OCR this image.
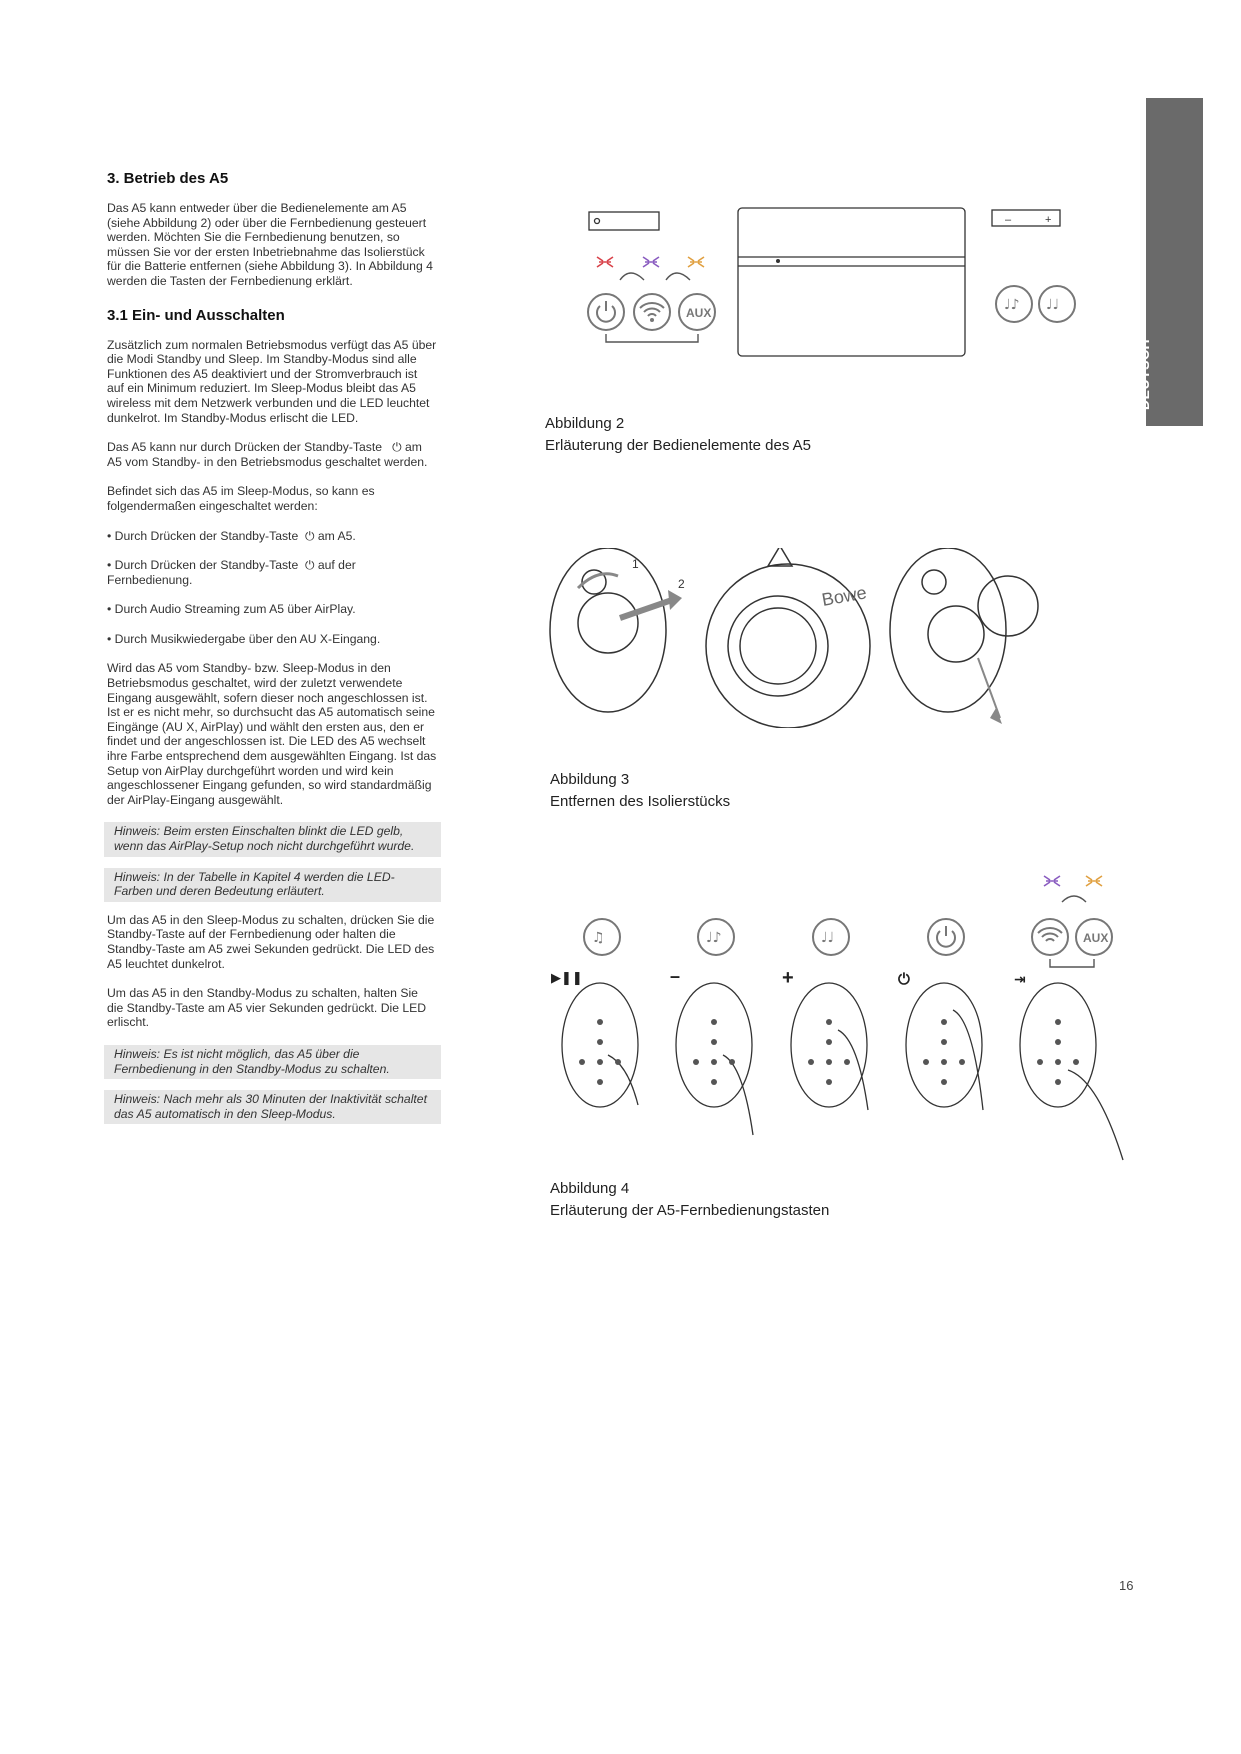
DEUTSCH
3. Betrieb des A5

Das A5 kann entweder über die Bedienelemente am A5 (siehe Abbildung 2) oder über die Fernbedienung gesteuert werden. Möchten Sie die Fernbedienung benutzen, so müssen Sie vor der ersten Inbetriebnahme das Isolierstück für die Batterie entfernen (siehe Abbildung 3). In Abbildung 4 werden die Tasten der Fernbedienung erklärt.

3.1 Ein- und Ausschalten

Zusätzlich zum normalen Betriebsmodus verfügt das A5 über die Modi Standby und Sleep. Im Standby-Modus sind alle Funktionen des A5 deaktiviert und der Stromverbrauch ist auf ein Minimum reduziert. Im Sleep-Modus bleibt das A5 wireless mit dem Netzwerk verbunden und die LED leuchtet dunkelrot. Im Standby-Modus erlischt die LED.

Das A5 kann nur durch Drücken der Standby-Taste   ⏻ am A5 vom Standby- in den Betriebsmodus geschaltet werden.

Befindet sich das A5 im Sleep-Modus, so kann es folgendermaßen eingeschaltet werden:

• Durch Drücken der Standby-Taste  ⏻ am A5.

• Durch Drücken der Standby-Taste  ⏻ auf der Fernbedienung.

• Durch Audio Streaming zum A5 über AirPlay.

• Durch Musikwiedergabe über den AU X-Eingang.

Wird das A5 vom Standby- bzw. Sleep-Modus in den Betriebsmodus geschaltet, wird der zuletzt verwendete Eingang ausgewählt, sofern dieser noch angeschlossen ist. Ist er es nicht mehr, so durchsucht das A5 automatisch seine Eingänge (AU X, AirPlay) und wählt den ersten aus, den er findet und der angeschlossen ist. Die LED des A5 wechselt ihre Farbe entsprechend dem ausgewählten Eingang. Ist das Setup von AirPlay durchgeführt worden und wird kein angeschlossener Eingang gefunden, so wird standardmäßig der AirPlay-Eingang ausgewählt.

Hinweis: Beim ersten Einschalten blinkt die LED gelb, wenn das AirPlay-Setup noch nicht durchgeführt wurde.
Hinweis: In der Tabelle in Kapitel 4 werden die LED-Farben und deren Bedeutung erläutert.

Um das A5 in den Sleep-Modus zu schalten, drücken Sie die Standby-Taste auf der Fernbedienung oder halten die Standby-Taste am A5 zwei Sekunden gedrückt. Die LED des A5 leuchtet dunkelrot.

Um das A5 in den Standby-Modus zu schalten, halten Sie die Standby-Taste am A5 vier Sekunden gedrückt. Die LED erlischt.

Hinweis: Es ist nicht möglich, das A5 über die Fernbedienung in den Standby-Modus zu schalten.
Hinweis: Nach mehr als 30 Minuten der Inaktivität schaltet das A5 automatisch in den Sleep-Modus.
–	+
AUX	♩♪ ♩♩
Abbildung 2
Erläuterung der Bedienelemente des A5
1
2	Bowe
Abbildung 3
Entfernen des Isolierstücks
♫	♩♪	♩♩	AUX
▶❚❚	–	+	⏻	⇥
Abbildung 4
Erläuterung der A5-Fernbedienungstasten
16
